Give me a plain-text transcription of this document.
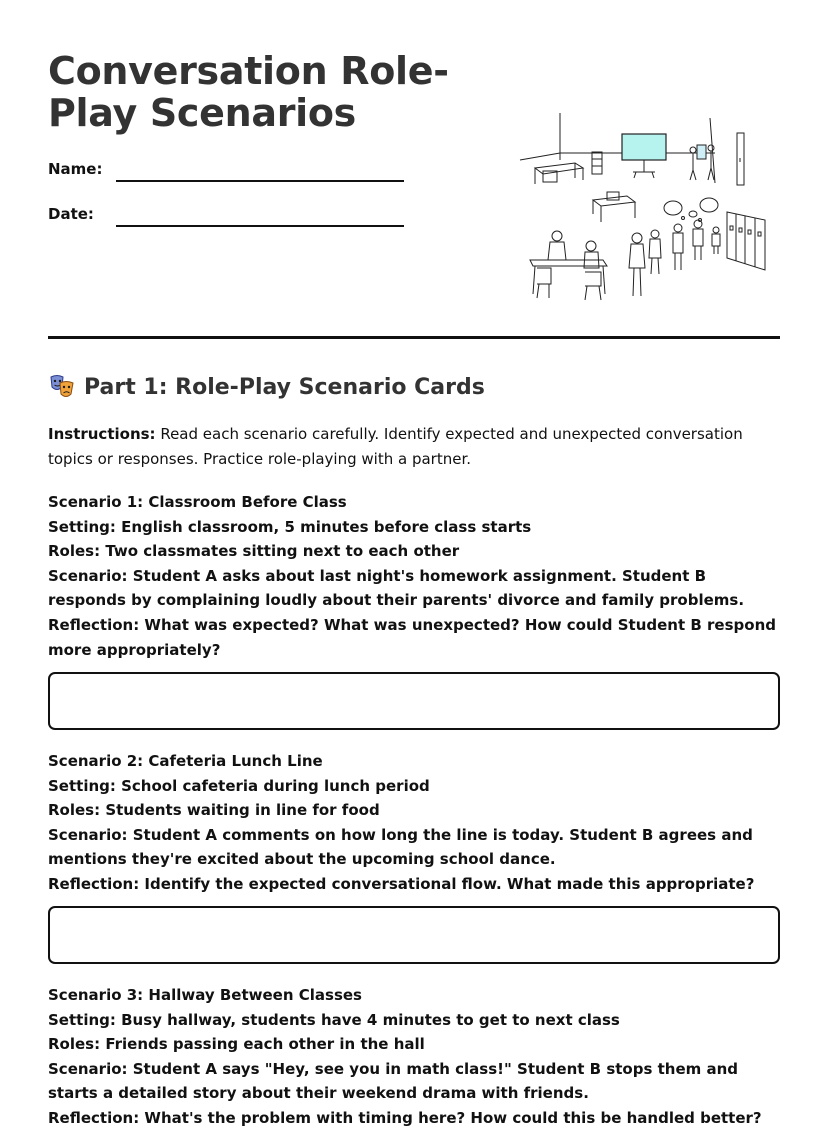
Conversation Role-Play Scenarios
Name:
Date:
Part 1: Role-Play Scenario Cards

Instructions: Read each scenario carefully. Identify expected and unexpected conversation topics or responses. Practice role-playing with a partner.

Scenario 1: Classroom Before Class

Setting: English classroom, 5 minutes before class starts

Roles: Two classmates sitting next to each other

Scenario: Student A asks about last night's homework assignment. Student B responds by complaining loudly about their parents' divorce and family problems.

Reflection: What was expected? What was unexpected? How could Student B respond more appropriately?

Scenario 2: Cafeteria Lunch Line

Setting: School cafeteria during lunch period

Roles: Students waiting in line for food

Scenario: Student A comments on how long the line is today. Student B agrees and mentions they're excited about the upcoming school dance.

Reflection: Identify the expected conversational flow. What made this appropriate?

Scenario 3: Hallway Between Classes

Setting: Busy hallway, students have 4 minutes to get to next class

Roles: Friends passing each other in the hall

Scenario: Student A says "Hey, see you in math class!" Student B stops them and starts a detailed story about their weekend drama with friends.

Reflection: What's the problem with timing here? How could this be handled better?
